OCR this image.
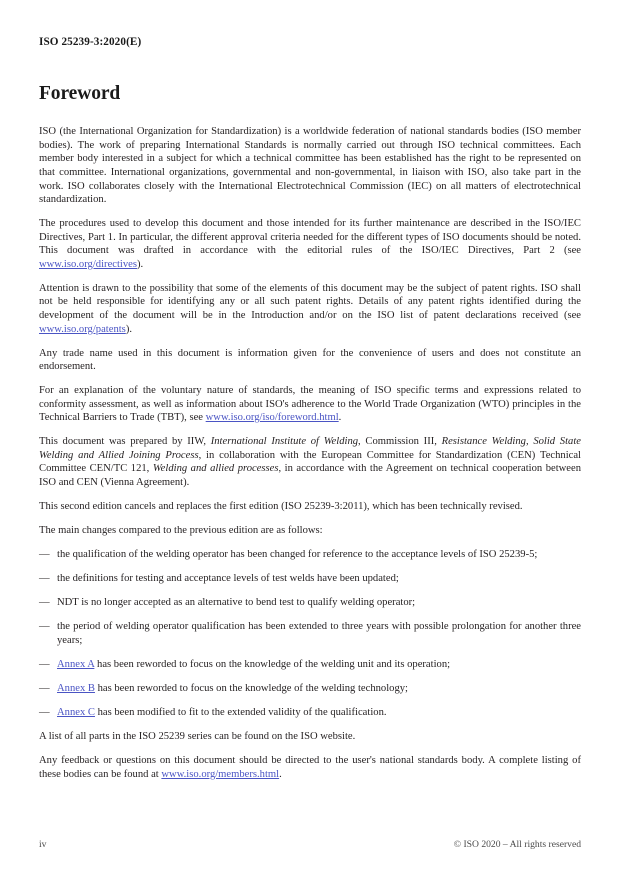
ISO 25239-3:2020(E)
Foreword

ISO (the International Organization for Standardization) is a worldwide federation of national standards bodies (ISO member bodies). The work of preparing International Standards is normally carried out through ISO technical committees. Each member body interested in a subject for which a technical committee has been established has the right to be represented on that committee. International organizations, governmental and non-governmental, in liaison with ISO, also take part in the work. ISO collaborates closely with the International Electrotechnical Commission (IEC) on all matters of electrotechnical standardization.

The procedures used to develop this document and those intended for its further maintenance are described in the ISO/IEC Directives, Part 1. In particular, the different approval criteria needed for the different types of ISO documents should be noted. This document was drafted in accordance with the editorial rules of the ISO/IEC Directives, Part 2 (see www.iso.org/directives).

Attention is drawn to the possibility that some of the elements of this document may be the subject of patent rights. ISO shall not be held responsible for identifying any or all such patent rights. Details of any patent rights identified during the development of the document will be in the Introduction and/or on the ISO list of patent declarations received (see www.iso.org/patents).

Any trade name used in this document is information given for the convenience of users and does not constitute an endorsement.

For an explanation of the voluntary nature of standards, the meaning of ISO specific terms and expressions related to conformity assessment, as well as information about ISO's adherence to the World Trade Organization (WTO) principles in the Technical Barriers to Trade (TBT), see www.iso.org/iso/foreword.html.

This document was prepared by IIW, International Institute of Welding, Commission III, Resistance Welding, Solid State Welding and Allied Joining Process, in collaboration with the European Committee for Standardization (CEN) Technical Committee CEN/TC 121, Welding and allied processes, in accordance with the Agreement on technical cooperation between ISO and CEN (Vienna Agreement).

This second edition cancels and replaces the first edition (ISO 25239-3:2011), which has been technically revised.

The main changes compared to the previous edition are as follows:

— the qualification of the welding operator has been changed for reference to the acceptance levels of ISO 25239-5;
— the definitions for testing and acceptance levels of test welds have been updated;
— NDT is no longer accepted as an alternative to bend test to qualify welding operator;
— the period of welding operator qualification has been extended to three years with possible prolongation for another three years;
— Annex A has been reworded to focus on the knowledge of the welding unit and its operation;
— Annex B has been reworded to focus on the knowledge of the welding technology;
— Annex C has been modified to fit to the extended validity of the qualification.

A list of all parts in the ISO 25239 series can be found on the ISO website.

Any feedback or questions on this document should be directed to the user's national standards body. A complete listing of these bodies can be found at www.iso.org/members.html.

iv	© ISO 2020 – All rights reserved
